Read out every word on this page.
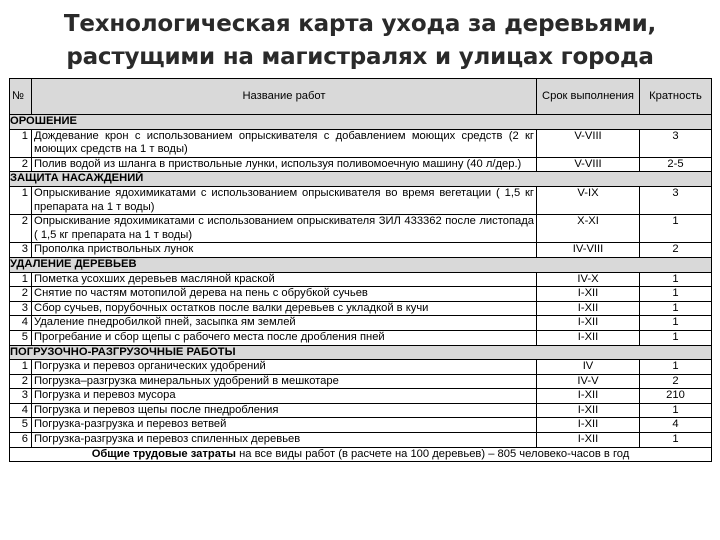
Технологическая карта ухода за деревьями,
растущими на магистралях и улицах города
№	Название работ	Срок выполнения	Кратность
ОРОШЕНИЕ			
1	Дождевание крон с использованием опрыскивателя с добавлением моющих средств (2 кг моющих средств на 1 т воды)	V-VIII	3
2	Полив водой из шланга в приствольные лунки, используя поливомоечную машину (40 л/дер.)	V-VIII	2-5
ЗАЩИТА НАСАЖДЕНИЙ			
1	Опрыскивание ядохимикатами с использованием опрыскивателя во время вегетации ( 1,5 кг препарата на 1 т воды)	V-IX	3
2	Опрыскивание ядохимикатами с использованием опрыскивателя ЗИЛ 433362 после листопада ( 1,5 кг препарата на 1 т воды)	X-XI	1
3	Прополка приствольных лунок	IV-VIII	2
УДАЛЕНИЕ ДЕРЕВЬЕВ			
1	Пометка усохших деревьев масляной краской	IV-X	1
2	Снятие по частям мотопилой дерева на пень с обрубкой сучьев	I-XII	1
3	Сбор сучьев, порубочных остатков после валки деревьев с укладкой в кучи	I-XII	1
4	Удаление пнедробилкой пней, засыпка ям землей	I-XII	1
5	Прогребание и сбор щепы с рабочего места после дробления пней	I-XII	1
ПОГРУЗОЧНО-РАЗГРУЗОЧНЫЕ РАБОТЫ			
1	Погрузка и перевоз органических удобрений	IV	1
2	Погрузка–разгрузка минеральных удобрений в мешкотаре	IV-V	2
3	Погрузка и перевоз мусора	I-XII	210
4	Погрузка и перевоз щепы после пнедробления	I-XII	1
5	Погрузка-разгрузка и перевоз ветвей	I-XII	4
6	Погрузка-разгрузка и перевоз спиленных деревьев	I-XII	1
Общие трудовые затраты на все виды работ (в расчете на 100 деревьев) – 805 человеко-часов в год			
